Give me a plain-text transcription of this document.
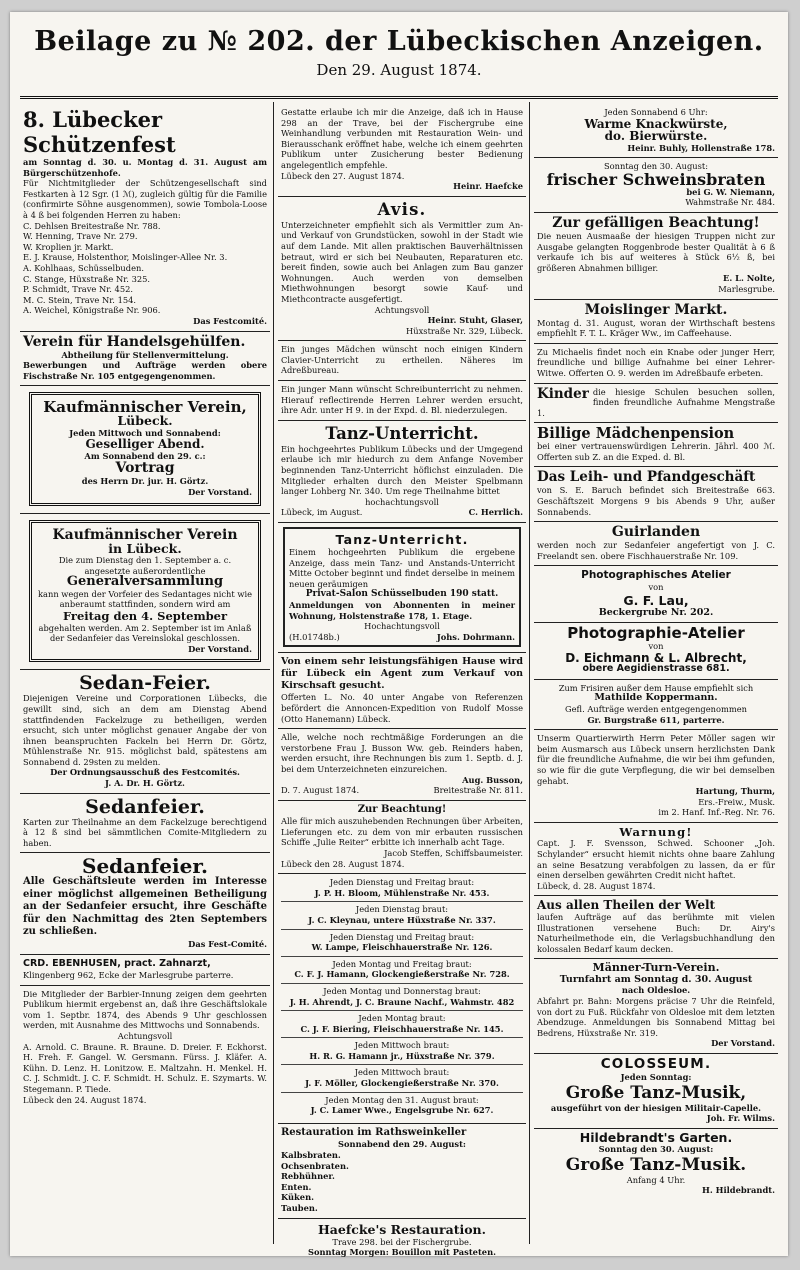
Beilage zu № 202. der Lübeckischen Anzeigen.
Den 29. August 1874.
8. Lübecker Schützenfest

am Sonntag d. 30. u. Montag d. 31. August am Bürgerschützenhofe.

Für Nichtmitglieder der Schützengesellschaft sind Festkarten à 12 Sgr. (1 ℳ), zugleich gültig für die Familie (confirmirte Söhne ausgenommen), sowie Tombola-Loose à 4 ß bei folgenden Herren zu haben:

C. Dehlsen Breitestraße Nr. 788.

W. Henning, Trave Nr. 279.

W. Kroplien jr. Markt.

E. J. Krause, Holstenthor, Moislinger-Allee Nr. 3.

A. Kohlhaas, Schüsselbuden.

C. Stange, Hüxstraße Nr. 325.

P. Schmidt, Trave Nr. 452.

M. C. Stein, Trave Nr. 154.

A. Weichel, Königstraße Nr. 906.

Das Festcomité.

Verein für Handelsgehülfen.

Abtheilung für Stellenvermittelung.

Bewerbungen und Aufträge werden obere Fischstraße Nr. 105 entgegengenommen.

Kaufmännischer Verein,
Lübeck.

Jeden Mittwoch und Sonnabend:

Geselliger Abend.

Am Sonnabend den 29. c.:

Vortrag

des Herrn Dr. jur. H. Görtz.

Der Vorstand.

Kaufmännischer Verein
in Lübeck.

Die zum Dienstag den 1. September a. c. angesetzte außerordentliche

Generalversammlung

kann wegen der Vorfeier des Sedantages nicht wie anberaumt stattfinden, sondern wird am

Freitag den 4. September

abgehalten werden. Am 2. September ist im Anlaß der Sedanfeier das Vereinslokal geschlossen.

Der Vorstand.

Sedan-Feier.

Diejenigen Vereine und Corporationen Lübecks, die gewillt sind, sich an dem am Dienstag Abend stattfindenden Fackelzuge zu betheiligen, werden ersucht, sich unter möglichst genauer Angabe der von ihnen beanspruchten Fackeln bei Herrn Dr. Görtz, Mühlenstraße Nr. 915. möglichst bald, spätestens am Sonnabend d. 29sten zu melden.

Der Ordnungsausschuß des Festcomités.

J. A. Dr. H. Görtz.

Sedanfeier.

Karten zur Theilnahme an dem Fackelzuge berechtigend à 12 ß sind bei sämmtlichen Comite-Mitgliedern zu haben.

Sedanfeier.

Alle Geschäftsleute werden im Interesse einer möglichst allgemeinen Betheiligung an der Sedanfeier ersucht, ihre Geschäfte für den Nachmittag des 2ten Septembers zu schließen.

Das Fest-Comité.

CRD. EBENHUSEN, pract. Zahnarzt,

Klingenberg 962, Ecke der Marlesgrube parterre.

Die Mitglieder der Barbier-Innung zeigen dem geehrten Publikum hiermit ergebenst an, daß ihre Geschäftslokale vom 1. Septbr. 1874, des Abends 9 Uhr geschlossen werden, mit Ausnahme des Mittwochs und Sonnabends.

Achtungsvoll

A. Arnold. C. Braune. R. Braune. D. Dreier. F. Eckhorst. H. Freh. F. Gangel. W. Gersmann. Fürss. J. Kläfer. A. Kühn. D. Lenz. H. Lonitzow. E. Maltzahn. H. Menkel. H. C. J. Schmidt. J. C. F. Schmidt. H. Schulz. E. Szymarts. W. Stegemann. P. Tiede.

Lübeck den 24. August 1874.

Gestatte erlaube ich mir die Anzeige, daß ich in Hause 298 an der Trave, bei der Fischergrube eine Weinhandlung verbunden mit Restauration Wein- und Bierausschank eröffnet habe, welche ich einem geehrten Publikum unter Zusicherung bester Bedienung angelegentlich empfehle.

Lübeck den 27. August 1874.

Heinr. Haefcke

Avis.

Unterzeichneter empfiehlt sich als Vermittler zum An- und Verkauf von Grundstücken, sowohl in der Stadt wie auf dem Lande. Mit allen praktischen Bauverhältnissen betraut, wird er sich bei Neubauten, Reparaturen etc. bereit finden, sowie auch bei Anlagen zum Bau ganzer Wohnungen. Auch werden von demselben Miethwohnungen besorgt sowie Kauf- und Miethcontracte ausgefertigt.

Achtungsvoll

Heinr. Stuht, Glaser,

Hüxstraße Nr. 329, Lübeck.

Ein junges Mädchen wünscht noch einigen Kindern Clavier-Unterricht zu ertheilen. Näheres im Adreßbureau.

Ein junger Mann wünscht Schreibunterricht zu nehmen. Hierauf reflectirende Herren Lehrer werden ersucht, ihre Adr. unter H 9. in der Expd. d. Bl. niederzulegen.

Tanz-Unterricht.

Ein hochgeehrtes Publikum Lübecks und der Umgegend erlaube ich mir hiedurch zu dem Anfange November beginnenden Tanz-Unterricht höflichst einzuladen. Die Mitglieder erhalten durch den Meister Spelbmann langer Lohberg Nr. 340. Um rege Theilnahme bittet

hochachtungsvoll

Lübeck, im August.	C. Herrlich.
Tanz-Unterricht.

Einem hochgeehrten Publikum die ergebene Anzeige, dass mein Tanz- und Anstands-Unterricht Mitte October beginnt und findet derselbe in meinem neuen geräumigen

Privat-Salon Schüsselbuden 190 statt.

Anmeldungen von Abonnenten in meiner Wohnung, Holstenstraße 178, 1. Etage.

Hochachtungsvoll

(H.01748b.)	Johs. Dohrmann.

Von einem sehr leistungsfähigen Hause wird für Lübeck ein Agent zum Verkauf von Kirschsaft gesucht.

Offerten L. No. 40 unter Angabe von Referenzen befördert die Annoncen-Expedition von Rudolf Mosse (Otto Hanemann) Lübeck.

Alle, welche noch rechtmäßige Forderungen an die verstorbene Frau J. Busson Ww. geb. Reinders haben, werden ersucht, ihre Rechnungen bis zum 1. Septb. d. J. bei dem Unterzeichneten einzureichen.

Aug. Busson,

D. 7. August 1874.	Breitestraße Nr. 811.
Zur Beachtung!

Alle für mich auszuhebenden Rechnungen über Arbeiten, Lieferungen etc. zu dem von mir erbauten russischen Schiffe „Julie Reiter“ erbitte ich innerhalb acht Tage.

Jacob Steffen, Schiffsbaumeister.

Lübeck den 28. August 1874.

Jeden Dienstag und Freitag braut:

J. P. H. Bloom, Mühlenstraße Nr. 453.

Jeden Dienstag braut:

J. C. Kleynau, untere Hüxstraße Nr. 337.

Jeden Dienstag und Freitag braut:

W. Lampe, Fleischhauerstraße Nr. 126.

Jeden Montag und Freitag braut:

C. F. J. Hamann, Glockengießerstraße Nr. 728.

Jeden Montag und Donnerstag braut:

J. H. Ahrendt, J. C. Braune Nachf., Wahmstr. 482

Jeden Montag braut:

C. J. F. Biering, Fleischhauerstraße Nr. 145.

Jeden Mittwoch braut:

H. R. G. Hamann jr., Hüxstraße Nr. 379.

Jeden Mittwoch braut:

J. F. Möller, Glockengießerstraße Nr. 370.

Jeden Montag den 31. August braut:

J. C. Lamer Wwe., Engelsgrube Nr. 627.

Restauration im Rathsweinkeller

Sonnabend den 29. August:

Kalbsbraten.

Ochsenbraten.

Rebhühner.

Enten.

Küken.

Tauben.

Haefcke's Restauration.

Trave 298. bei der Fischergrube.

Sonntag Morgen: Bouillon mit Pasteten.

Jeden Sonnabend 6 Uhr:

Warme Knackwürste,
do. Bierwürste.

Heinr. Buhly, Hollenstraße 178.

Sonntag den 30. August:

frischer Schweinsbraten

bei G. W. Niemann,

Wahmstraße Nr. 484.

Zur gefälligen Beachtung!

Die neuen Ausmaaße der hiesigen Truppen nicht zur Ausgabe gelangten Roggenbrode bester Qualität à 6 ß verkaufe ich bis auf weiteres à Stück 6½ ß, bei größeren Abnahmen billiger.

E. L. Nolte,

Marlesgrube.

Moislinger Markt.

Montag d. 31. August, woran der Wirthschaft bestens empfiehlt F. T. L. Kräger Ww., im Caffeehause.

Zu Michaelis findet noch ein Knabe oder junger Herr, freundliche und billige Aufnahme bei einer Lehrer-Witwe. Offerten O. 9. werden im Adreßbaufe erbeten.

Kinder die hiesige Schulen besuchen sollen, finden freundliche Aufnahme Mengstraße 1.

Billige Mädchenpension

bei einer vertrauenswürdigen Lehrerin. Jährl. 400 ℳ. Offerten sub Z. an die Exped. d. Bl.

Das Leih- und Pfandgeschäft

von S. E. Baruch befindet sich Breitestraße 663. Geschäftszeit Morgens 9 bis Abends 9 Uhr, außer Sonnabends.

Guirlanden

werden noch zur Sedanfeier angefertigt von J. C. Freelandt sen. obere Fischhauerstraße Nr. 109.

Photographisches Atelier

von

G. F. Lau,

Beckergrube Nr. 202.

Photographie-Atelier

von

D. Eichmann & L. Albrecht,

obere Aegidienstrasse 681.

Zum Frisiren außer dem Hause empfiehlt sich

Mathilde Koppermann.

Gefl. Aufträge werden entgegengenommen

Gr. Burgstraße 611, parterre.

Unserm Quartierwirth Herrn Peter Möller sagen wir beim Ausmarsch aus Lübeck unsern herzlichsten Dank für die freundliche Aufnahme, die wir bei ihm gefunden, so wie für die gute Verpflegung, die wir bei demselben gehabt.

Hartung, Thurm,

Ers.-Freiw., Musk.

im 2. Hanf. Inf.-Reg. Nr. 76.

Warnung!

Capt. J. F. Svensson, Schwed. Schooner „Joh. Schylander“ ersucht hiemit nichts ohne baare Zahlung an seine Besatzung verabfolgen zu lassen, da er für einen derselben gewährten Credit nicht haftet.

Lübeck, d. 28. August 1874.

Aus allen Theilen der Welt

laufen Aufträge auf das berühmte mit vielen Illustrationen versehene Buch: Dr. Airy's Naturheilmethode ein, die Verlagsbuchhandlung den kolossalen Bedarf kaum decken.

Männer-Turn-Verein.

Turnfahrt am Sonntag d. 30. August

nach Oldesloe.

Abfahrt pr. Bahn: Morgens präcise 7 Uhr die Reinfeld, von dort zu Fuß. Rückfahr von Oldesloe mit dem letzten Abendzuge. Anmeldungen bis Sonnabend Mittag bei Bedrens, Hüxstraße Nr. 319.

Der Vorstand.

COLOSSEUM.

Jeden Sonntag:

Große Tanz-Musik,

ausgeführt von der hiesigen Militair-Capelle.

Joh. Fr. Wilms.

Hildebrandt's Garten.

Sonntag den 30. August:

Große Tanz-Musik.

Anfang 4 Uhr.

H. Hildebrandt.
